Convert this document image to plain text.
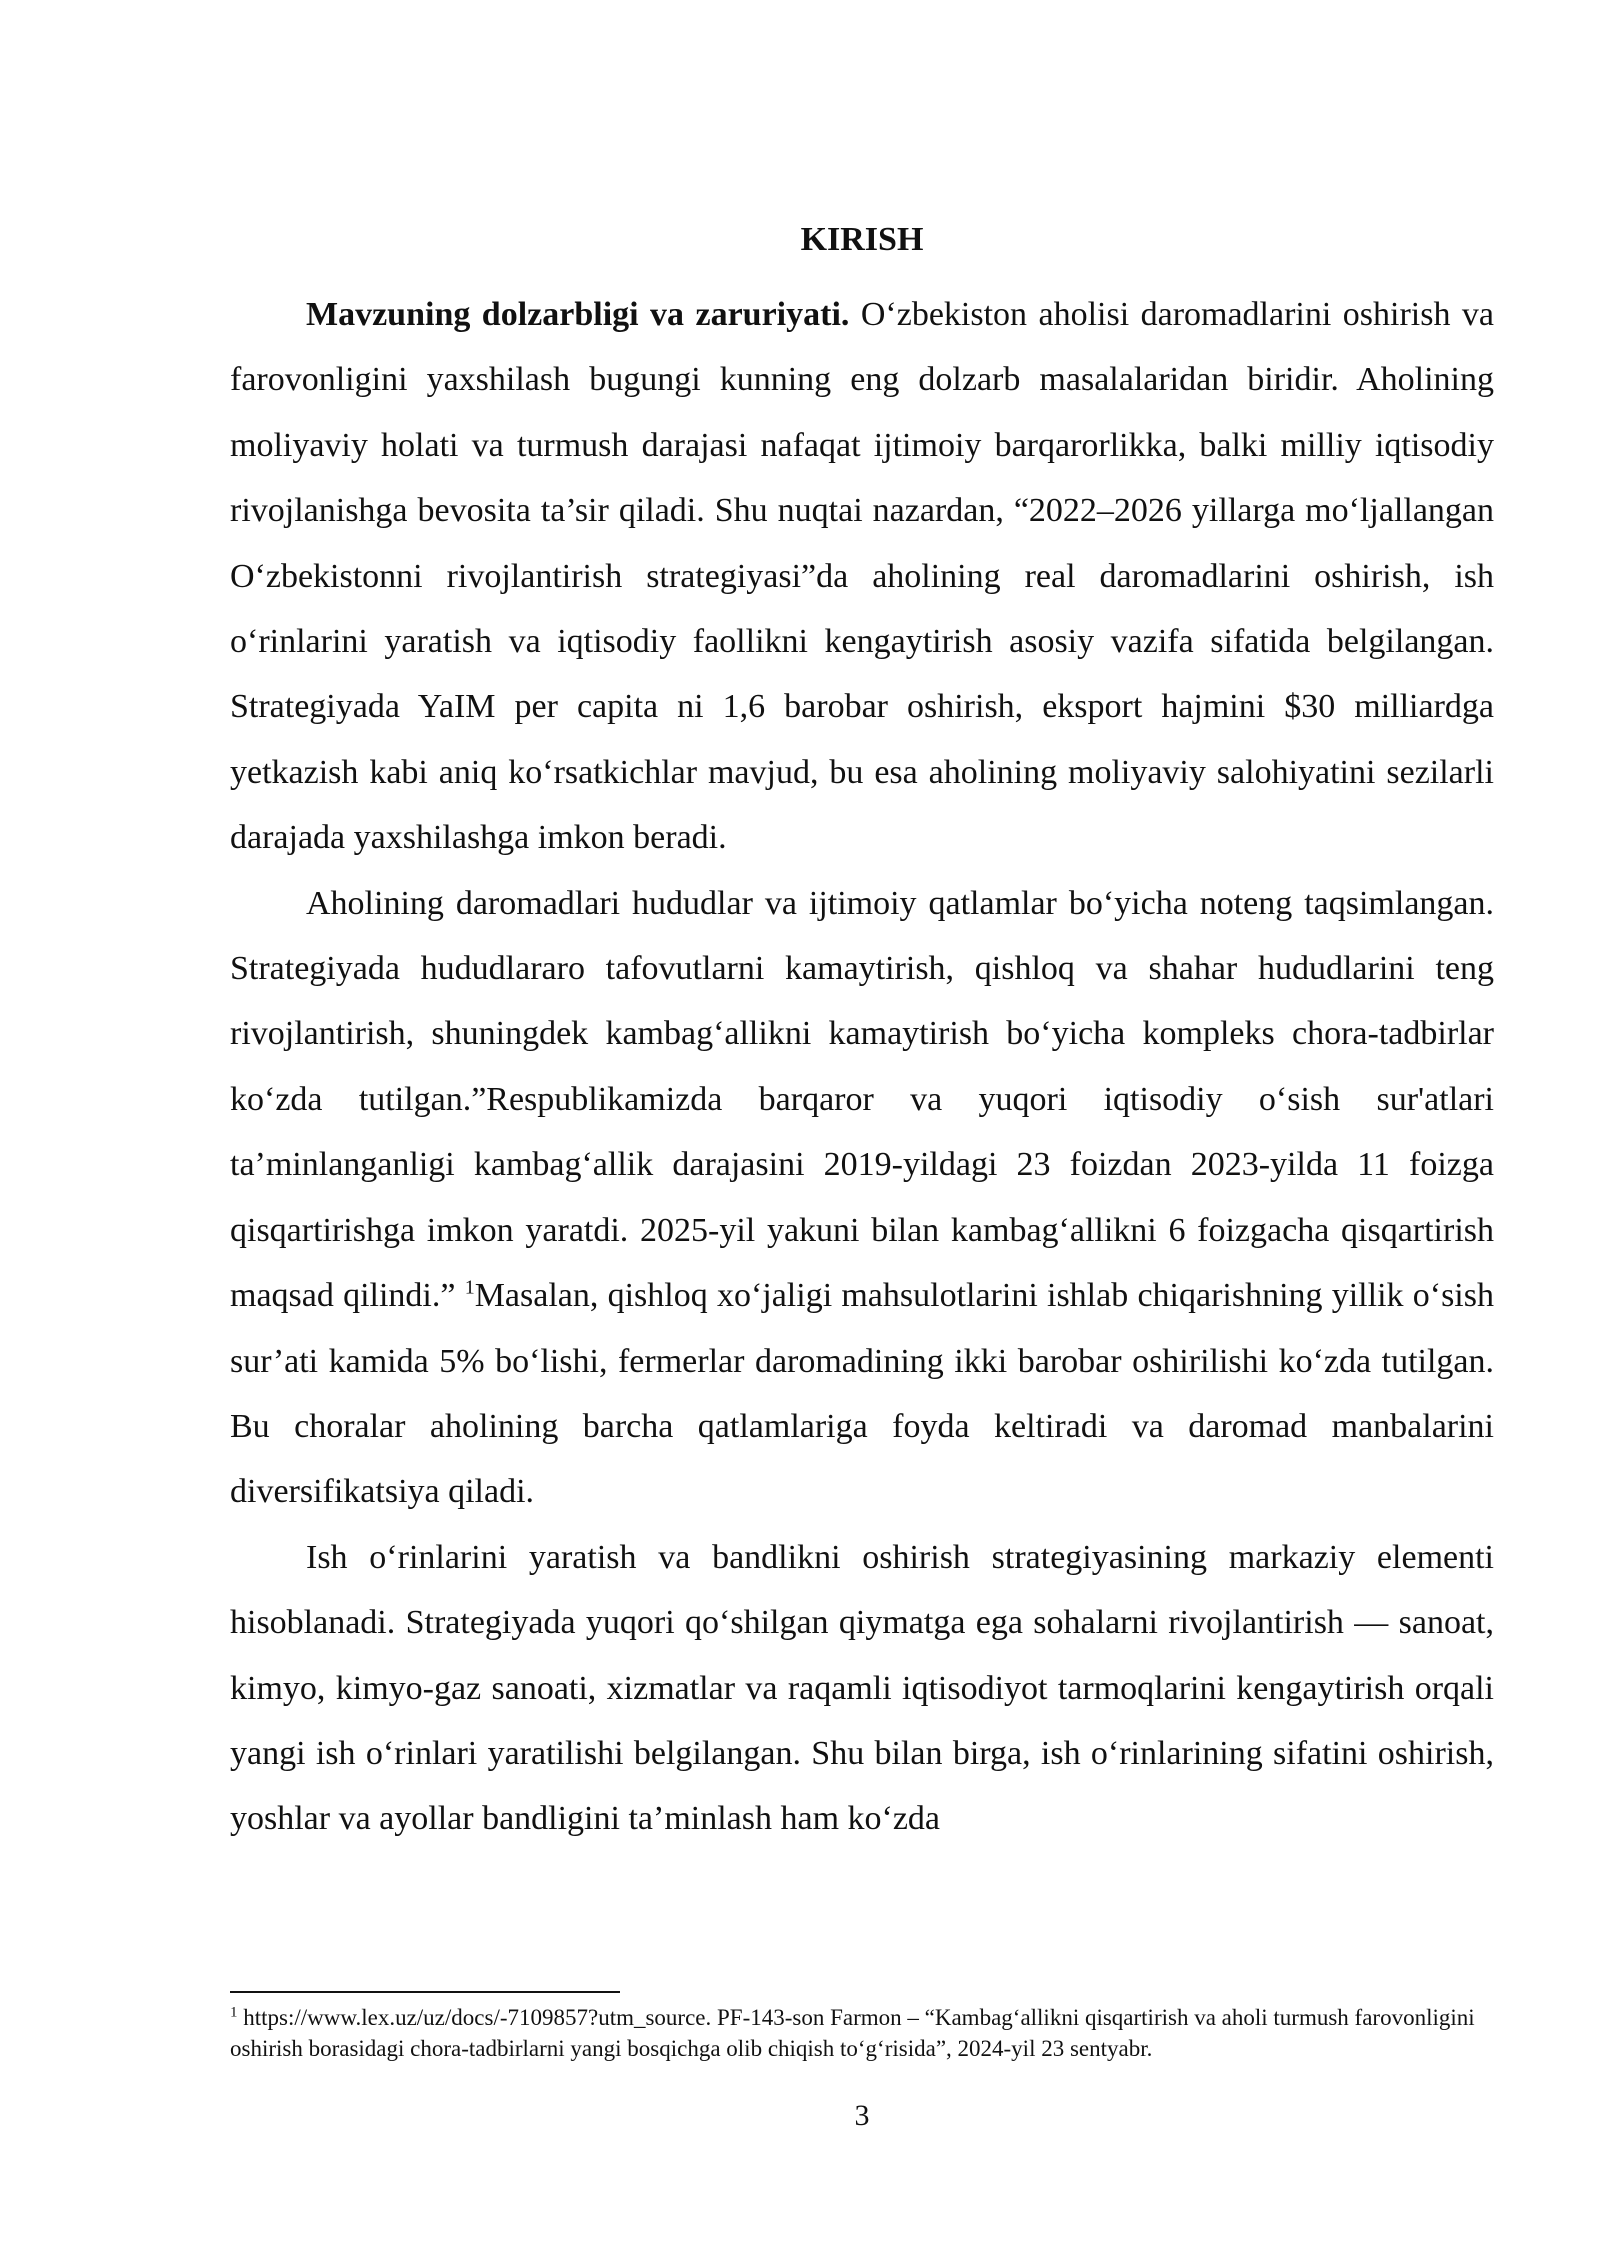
KIRISH

Mavzuning dolzarbligi va zaruriyati. O‘zbekiston aholisi daromadlarini oshirish va farovonligini yaxshilash bugungi kunning eng dolzarb masalalaridan biridir. Aholining moliyaviy holati va turmush darajasi nafaqat ijtimoiy barqarorlikka, balki milliy iqtisodiy rivojlanishga bevosita ta’sir qiladi. Shu nuqtai nazardan, “2022–2026 yillarga mo‘ljallangan O‘zbekistonni rivojlantirish strategiyasi”da aholining real daromadlarini oshirish, ish o‘rinlarini yaratish va iqtisodiy faollikni kengaytirish asosiy vazifa sifatida belgilangan. Strategiyada YaIM per capita ni 1,6 barobar oshirish, eksport hajmini $30 milliardga yetkazish kabi aniq ko‘rsatkichlar mavjud, bu esa aholining moliyaviy salohiyatini sezilarli darajada yaxshilashga imkon beradi.

Aholining daromadlari hududlar va ijtimoiy qatlamlar bo‘yicha noteng taqsimlangan. Strategiyada hududlararo tafovutlarni kamaytirish, qishloq va shahar hududlarini teng rivojlantirish, shuningdek kambag‘allikni kamaytirish bo‘yicha kompleks chora-tadbirlar ko‘zda tutilgan.”Respublikamizda barqaror va yuqori iqtisodiy o‘sish sur'atlari ta’minlanganligi kambag‘allik darajasini 2019-yildagi 23 foizdan 2023-yilda 11 foizga qisqartirishga imkon yaratdi. 2025-yil yakuni bilan kambag‘allikni 6 foizgacha qisqartirish maqsad qilindi.” $^1$Masalan, qishloq xo‘jaligi mahsulotlarini ishlab chiqarishning yillik o‘sish sur’ati kamida 5% bo‘lishi, fermerlar daromadining ikki barobar oshirilishi ko‘zda tutilgan. Bu choralar aholining barcha qatlamlariga foyda keltiradi va daromad manbalarini diversifikatsiya qiladi.

Ish o‘rinlarini yaratish va bandlikni oshirish strategiyasining markaziy elementi hisoblanadi. Strategiyada yuqori qo‘shilgan qiymatga ega sohalarni rivojlantirish — sanoat, kimyo, kimyo-gaz sanoati, xizmatlar va raqamli iqtisodiyot tarmoqlarini kengaytirish orqali yangi ish o‘rinlari yaratilishi belgilangan. Shu bilan birga, ish o‘rinlarining sifatini oshirish, yoshlar va ayollar bandligini ta’minlash ham ko‘zda

$^1$ https://www.lex.uz/uz/docs/-7109857?utm_source. PF-143-son Farmon – “Kambag‘allikni qisqartirish va aholi turmush farovonligini oshirish borasidagi chora-tadbirlarni yangi bosqichga olib chiqish to‘g‘risida”, 2024-yil 23 sentyabr.

3
